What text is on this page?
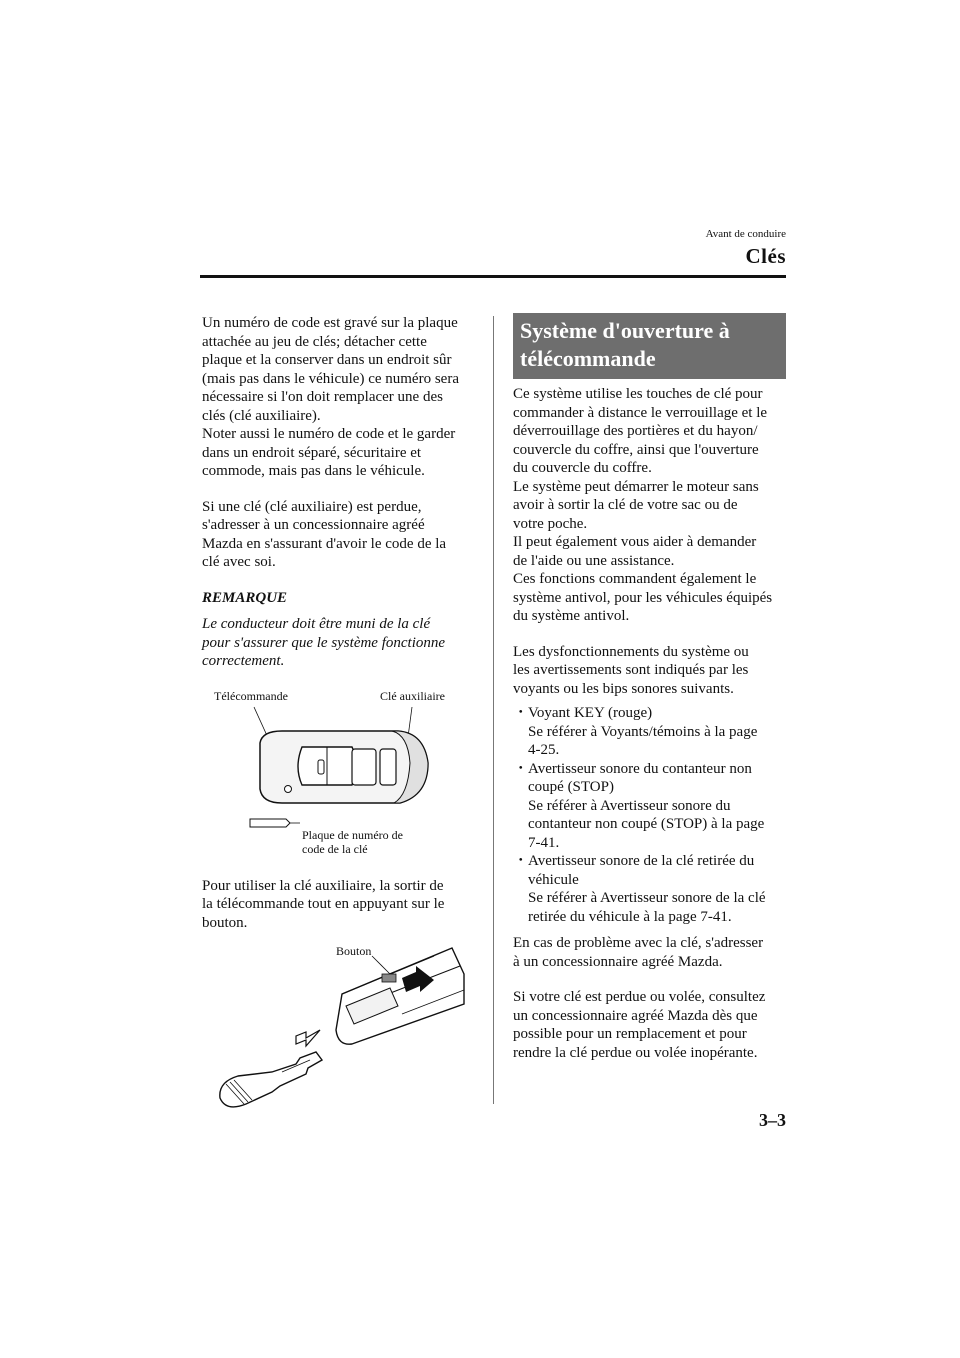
Avant de conduire
Clés

Un numéro de code est gravé sur la plaque
attachée au jeu de clés; détacher cette
plaque et la conserver dans un endroit sûr
(mais pas dans le véhicule) ce numéro sera
nécessaire si l'on doit remplacer une des
clés (clé auxiliaire).
Noter aussi le numéro de code et le garder
dans un endroit séparé, sécuritaire et
commode, mais pas dans le véhicule.

Si une clé (clé auxiliaire) est perdue,
s'adresser à un concessionnaire agréé
Mazda en s'assurant d'avoir le code de la
clé avec soi.

REMARQUE

Le conducteur doit être muni de la clé
pour s'assurer que le système fonctionne
correctement.

Télécommande	Clé auxiliaire
Plaque de numéro de
code de la clé

Pour utiliser la clé auxiliaire, la sortir de
la télécommande tout en appuyant sur le
bouton.

Bouton
Système d'ouverture à
télécommande

Ce système utilise les touches de clé pour
commander à distance le verrouillage et le
déverrouillage des portières et du hayon/
couvercle du coffre, ainsi que l'ouverture
du couvercle du coffre.
Le système peut démarrer le moteur sans
avoir à sortir la clé de votre sac ou de
votre poche.
Il peut également vous aider à demander
de l'aide ou une assistance.
Ces fonctions commandent également le
système antivol, pour les véhicules équipés
du système antivol.

Les dysfonctionnements du système ou
les avertissements sont indiqués par les
voyants ou les bips sonores suivants.

･ Voyant KEY (rouge)
Se référer à Voyants/témoins à la page
4-25.
･ Avertisseur sonore du contanteur non
coupé (STOP)
Se référer à Avertisseur sonore du
contanteur non coupé (STOP) à la page
7-41.
･ Avertisseur sonore de la clé retirée du
véhicule
Se référer à Avertisseur sonore de la clé
retirée du véhicule à la page 7-41.

En cas de problème avec la clé, s'adresser
à un concessionnaire agréé Mazda.

Si votre clé est perdue ou volée, consultez
un concessionnaire agréé Mazda dès que
possible pour un remplacement et pour
rendre la clé perdue ou volée inopérante.

3–3
